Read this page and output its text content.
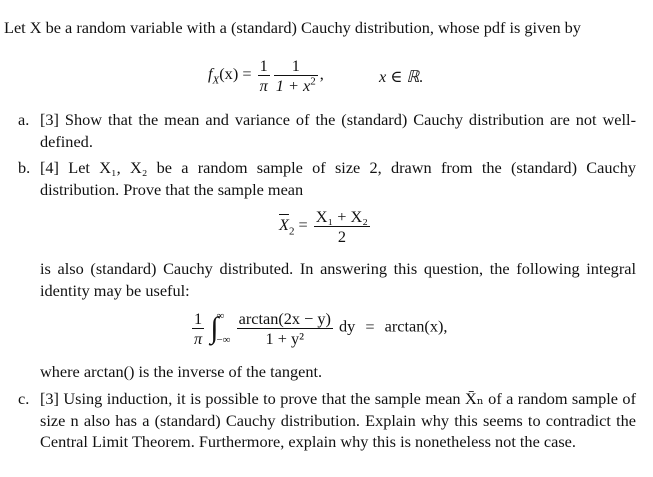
Let X be a random variable with a (standard) Cauchy distribution, whose pdf is given by
$f_X(x) = \frac{1}{\pi} \frac{1}{1 + x^2}$ ,	x ∈ ℝ.
a. [3] Show that the mean and variance of the (standard) Cauchy distribution are not well-defined.
b. [4] Let X₁, X₂ be a random sample of size 2, drawn from the (standard) Cauchy distribution. Prove that the sample mean
$\overline{X}_2 = \frac{\text{X₁ + X₂}}{2}$
is also (standard) Cauchy distributed. In answering this question, the following integral identity may be useful:
$\frac{1}{\pi}$ ∫
∞
−∞
$\frac{\arctan(2x - y)}{\text{1 + y²}}$ dy = arctan(x),
where arctan() is the inverse of the tangent.
c. [3] Using induction, it is possible to prove that the sample mean X̄ₙ of a random sample of size n also has a (standard) Cauchy distribution. Explain why this seems to contradict the Central Limit Theorem. Furthermore, explain why this is nonetheless not the case.
